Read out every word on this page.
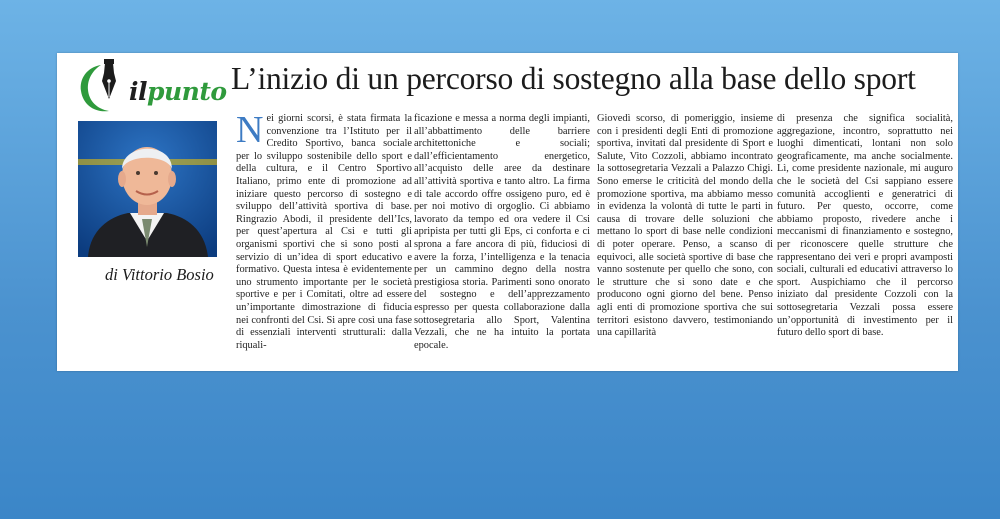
ilpunto L’inizio di un percorso di sostegno alla base dello sport
di Vittorio Bosio
Nei giorni scorsi, è stata firmata la convenzione tra l’Istituto per il Credito Sportivo, banca sociale per lo sviluppo sostenibile dello sport e della cultura, e il Centro Sportivo Italiano, primo ente di promozione ad iniziare questo percorso di sostegno e sviluppo dell’attività sportiva di base. Ringrazio Abodi, il presidente dell’Ics, per quest’apertura al Csi e tutti gli organismi sportivi che si sono posti al servizio di un’idea di sport educativo e formativo. Questa intesa è evidentemente uno strumento importante per le società sportive e per i Comitati, oltre ad essere un’importante dimostrazione di fiducia nei confronti del Csi. Si apre così una fase di essenziali interventi strutturali: dalla riquali-
ficazione e messa a norma degli impianti, all’abbattimento delle barriere architettoniche e sociali; dall’efficientamento energetico, all’acquisto delle aree da destinare all’attività sportiva e tanto altro. La firma di tale accordo offre ossigeno puro, ed è per noi motivo di orgoglio. Ci abbiamo lavorato da tempo ed ora vedere il Csi apripista per tutti gli Eps, ci conforta e ci sprona a fare ancora di più, fiduciosi di avere la forza, l’intelligenza e la tenacia per un cammino degno della nostra prestigiosa storia. Parimenti sono onorato del sostegno e dell’apprezzamento espresso per questa collaborazione dalla sottosegretaria allo Sport, Valentina Vezzali, che ne ha intuito la portata epocale.
Giovedì scorso, di pomeriggio, insieme con i presidenti degli Enti di promozione sportiva, invitati dal presidente di Sport e Salute, Vito Cozzoli, abbiamo incontrato la sottosegretaria Vezzali a Palazzo Chigi. Sono emerse le criticità del mondo della promozione sportiva, ma abbiamo messo in evidenza la volontà di tutte le parti in causa di trovare delle soluzioni che mettano lo sport di base nelle condizioni di poter operare. Penso, a scanso di equivoci, alle società sportive di base che vanno sostenute per quello che sono, con le strutture che si sono date e che producono ogni giorno del bene. Penso agli enti di promozione sportiva che sui territori esistono davvero, testimoniando una capillarità
di presenza che significa socialità, aggregazione, incontro, soprattutto nei luoghi dimenticati, lontani non solo geograficamente, ma anche socialmente. Lì, come presidente nazionale, mi auguro che le società del Csi sappiano essere comunità accoglienti e generatrici di futuro. Per questo, occorre, come abbiamo proposto, rivedere anche i meccanismi di finanziamento e sostegno, per riconoscere quelle strutture che rappresentano dei veri e propri avamposti sociali, culturali ed educativi attraverso lo sport. Auspichiamo che il percorso iniziato dal presidente Cozzoli con la sottosegretaria Vezzali possa essere un’opportunità di investimento per il futuro dello sport di base.
